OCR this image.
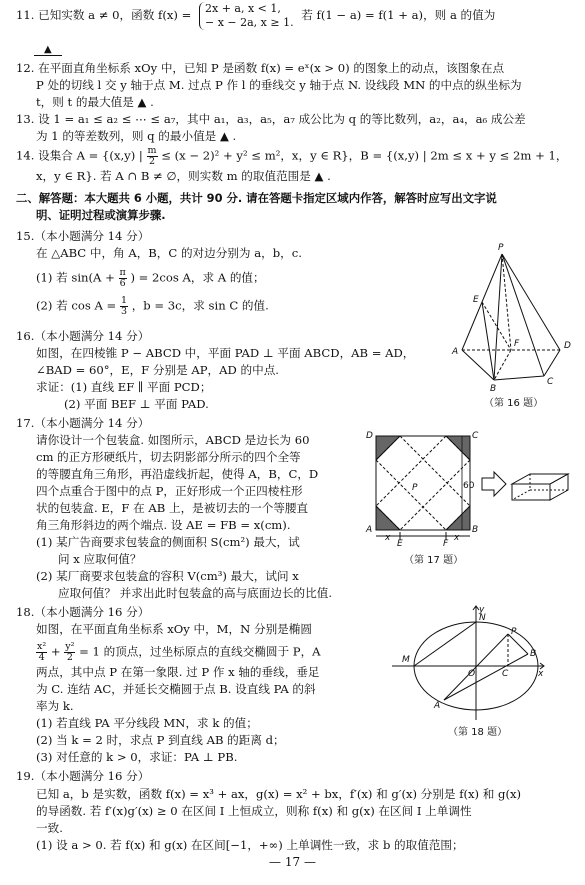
11. 已知实数 a ≠ 0，函数 f(x) = 2x + a, x < 1,
− x − 2a, x ≥ 1.
若 f(1 − a) = f(1 + a)，则 a 的值为
▲
12. 在平面直角坐标系 xOy 中，已知 P 是函数 f(x) = eˣ(x > 0) 的图象上的动点，该图象在点
P 处的切线 l 交 y 轴于点 M. 过点 P 作 l 的垂线交 y 轴于点 N. 设线段 MN 的中点的纵坐标为
t，则 t 的最大值是 ▲ .
13. 设 1 = a₁ ≤ a₂ ≤ ⋯ ≤ a₇，其中 a₁，a₃，a₅，a₇ 成公比为 q 的等比数列，a₂，a₄，a₆ 成公差
为 1 的等差数列，则 q 的最小值是 ▲ .
14. 设集合 A = {(x,y) | $\frac{m}{2} \le (x - 2)^2 + y^2 \le m^2$，x，y ∈ R}，B = {(x,y) | 2m ≤ x + y ≤ 2m + 1，
x，y ∈ R}. 若 A ∩ B ≠ ∅，则实数 m 的取值范围是 ▲ .
二、解答题：本大题共 6 小题，共计 90 分. 请在答题卡指定区域内作答，解答时应写出文字说
明、证明过程或演算步骤.
15.（本小题满分 14 分）
在 △ABC 中，角 A，B，C 的对边分别为 a，b，c.
(1) 若 $\sin(A + \frac{\pi}{6}$ ) = 2cos A，求 A 的值；
(2) 若 $\cos A = \frac{1}{3}$ ，b = 3c，求 sin C 的值.
16.（本小题满分 14 分）
如图，在四棱锥 P − ABCD 中，平面 PAD ⊥ 平面 ABCD，AB = AD，
∠BAD = 60°，E，F 分别是 AP，AD 的中点.
求证：(1) 直线 EF ∥ 平面 PCD；
(2) 平面 BEF ⊥ 平面 PAD.
P
E
F
A
D
B
C
（第 16 题）
17.（本小题满分 14 分）
请你设计一个包装盒. 如图所示，ABCD 是边长为 60
cm 的正方形硬纸片，切去阴影部分所示的四个全等
的等腰直角三角形，再沿虚线折起，使得 A，B，C，D
四个点重合于图中的点 P，正好形成一个正四棱柱形
状的包装盒. E，F 在 AB 上，是被切去的一个等腰直
角三角形斜边的两个端点. 设 AE = FB = x(cm).
(1) 某广告商要求包装盒的侧面积 S(cm²) 最大，试
问 x 应取何值？
(2) 某厂商要求包装盒的容积 V(cm³) 最大，试问 x
应取何值？ 并求出此时包装盒的高与底面边长的比值.
D	C
A	B
E	F
60
x	x
P
（第 17 题）
18.（本小题满分 16 分）
如图，在平面直角坐标系 xOy 中，M，N 分别是椭圆
$\frac{\text{x²}}{4} + \frac{\text{y²}}{2} = 1$ 的顶点，过坐标原点的直线交椭圆于 P，A
两点，其中点 P 在第一象限. 过 P 作 x 轴的垂线，垂足
为 C. 连结 AC，并延长交椭圆于点 B. 设直线 PA 的斜
率为 k.
(1) 若直线 PA 平分线段 MN，求 k 的值；
(2) 当 k = 2 时，求点 P 到直线 AB 的距离 d；
(3) 对任意的 k > 0，求证：PA ⊥ PB.
y
x
O
M
N
P
C
B
A
（第 18 题）
19.（本小题满分 16 分）
已知 a，b 是实数，函数 f(x) = x³ + ax，g(x) = x² + bx，f′(x) 和 g′(x) 分别是 f(x) 和 g(x)
的导函数. 若 f′(x)g′(x) ≥ 0 在区间 I 上恒成立，则称 f(x) 和 g(x) 在区间 I 上单调性
一致.
(1) 设 a > 0. 若 f(x) 和 g(x) 在区间[−1，+∞) 上单调性一致，求 b 的取值范围；
— 17 —
